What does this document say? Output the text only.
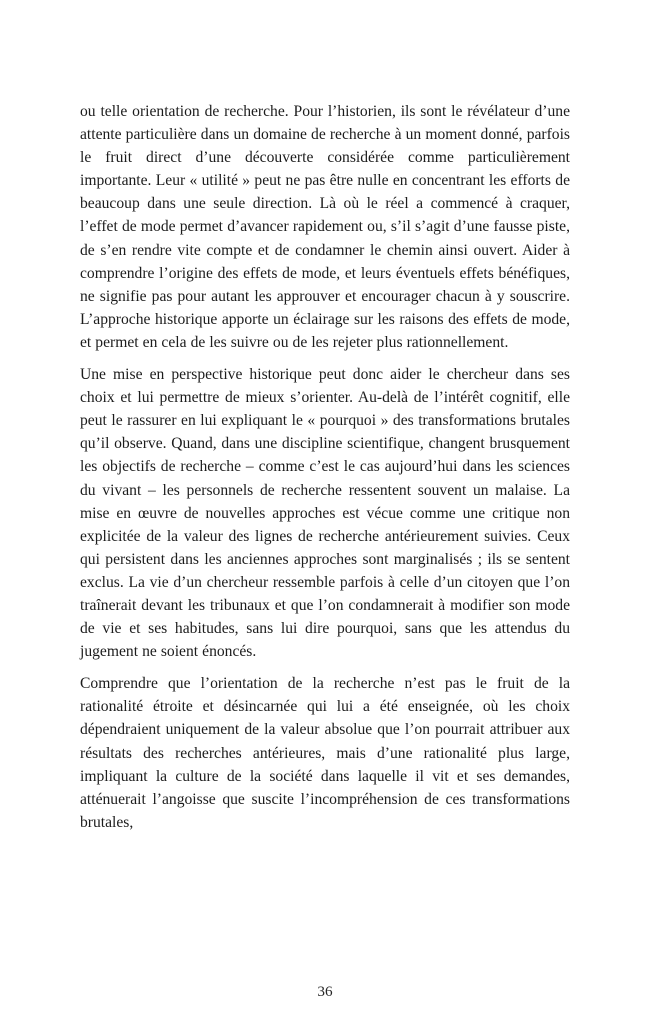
ou telle orientation de recherche. Pour l’historien, ils sont le révélateur d’une attente particulière dans un domaine de recherche à un moment donné, parfois le fruit direct d’une découverte considérée comme particulièrement importante. Leur « utilité » peut ne pas être nulle en concentrant les efforts de beaucoup dans une seule direction. Là où le réel a commencé à craquer, l’effet de mode permet d’avancer rapidement ou, s’il s’agit d’une fausse piste, de s’en rendre vite compte et de condamner le chemin ainsi ouvert. Aider à comprendre l’origine des effets de mode, et leurs éventuels effets bénéfiques, ne signifie pas pour autant les approuver et encourager chacun à y souscrire. L’approche historique apporte un éclairage sur les raisons des effets de mode, et permet en cela de les suivre ou de les rejeter plus rationnellement.

Une mise en perspective historique peut donc aider le chercheur dans ses choix et lui permettre de mieux s’orienter. Au-delà de l’intérêt cognitif, elle peut le rassurer en lui expliquant le « pourquoi » des transformations brutales qu’il observe. Quand, dans une discipline scientifique, changent brusquement les objectifs de recherche – comme c’est le cas aujourd’hui dans les sciences du vivant – les personnels de recherche ressentent souvent un malaise. La mise en œuvre de nouvelles approches est vécue comme une critique non explicitée de la valeur des lignes de recherche antérieurement suivies. Ceux qui persistent dans les anciennes approches sont marginalisés ; ils se sentent exclus. La vie d’un chercheur ressemble parfois à celle d’un citoyen que l’on traînerait devant les tribunaux et que l’on condamnerait à modifier son mode de vie et ses habitudes, sans lui dire pourquoi, sans que les attendus du jugement ne soient énoncés.

Comprendre que l’orientation de la recherche n’est pas le fruit de la rationalité étroite et désincarnée qui lui a été enseignée, où les choix dépendraient uniquement de la valeur absolue que l’on pourrait attribuer aux résultats des recherches antérieures, mais d’une rationalité plus large, impliquant la culture de la société dans laquelle il vit et ses demandes, atténuerait l’angoisse que suscite l’incompréhension de ces transformations brutales,

36
